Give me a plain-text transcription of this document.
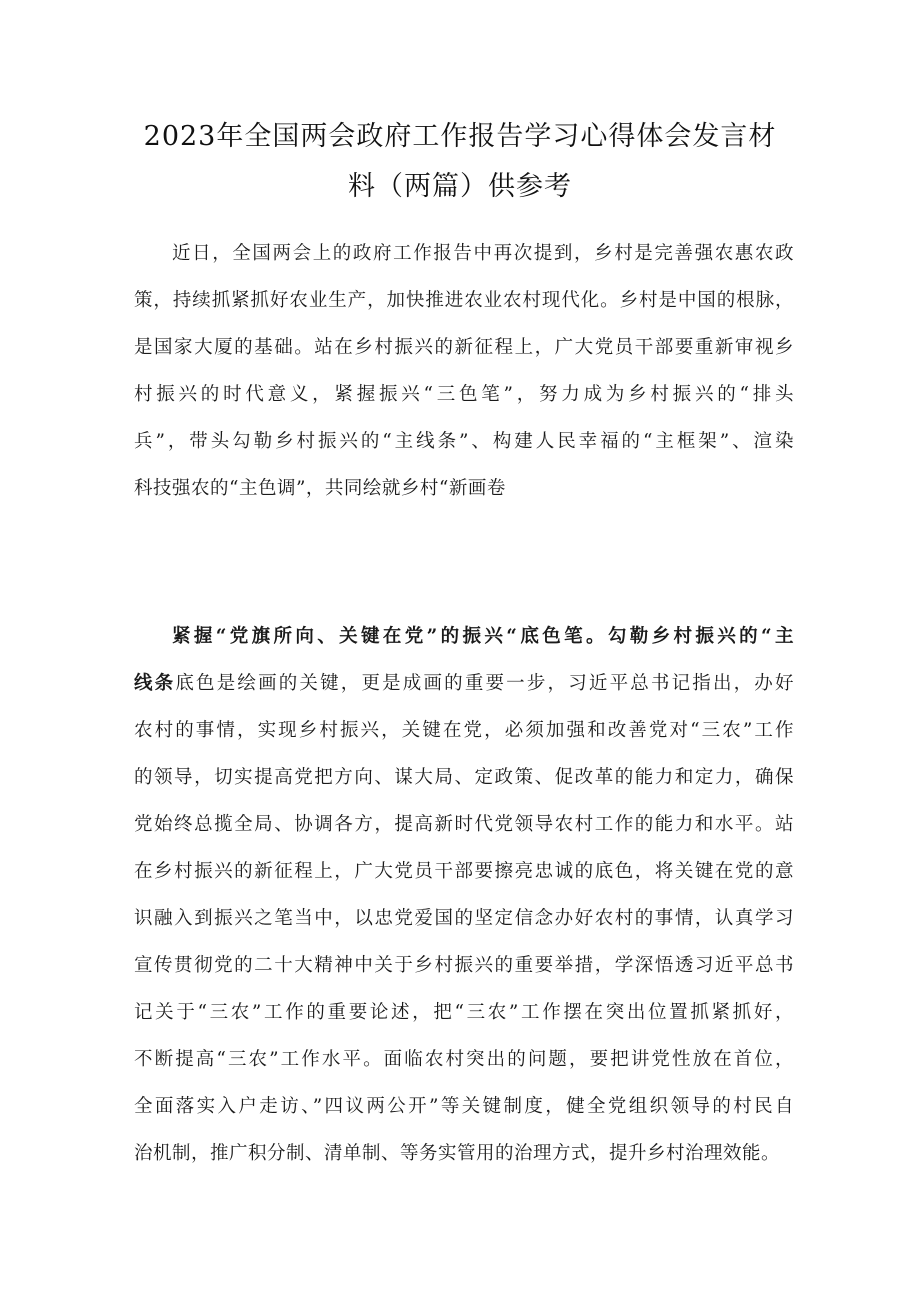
2023年全国两会政府工作报告学习心得体会发言材
料（两篇）供参考
近日，全国两会上的政府工作报告中再次提到，乡村是完善强农惠农政
策，持续抓紧抓好农业生产，加快推进农业农村现代化。乡村是中国的根脉，
是国家大厦的基础。站在乡村振兴的新征程上，广大党员干部要重新审视乡
村振兴的时代意义，紧握振兴“三色笔”，努力成为乡村振兴的“排头
兵”，带头勾勒乡村振兴的“主线条”、构建人民幸福的“主框架”、渲染
科技强农的“主色调”，共同绘就乡村“新画卷
紧握“党旗所向、关键在党”的振兴“底色笔。勾勒乡村振兴的“主
线条底色是绘画的关键，更是成画的重要一步，习近平总书记指出，办好
农村的事情，实现乡村振兴，关键在党，必须加强和改善党对“三农”工作
的领导，切实提高党把方向、谋大局、定政策、促改革的能力和定力，确保
党始终总揽全局、协调各方，提高新时代党领导农村工作的能力和水平。站
在乡村振兴的新征程上，广大党员干部要擦亮忠诚的底色，将关键在党的意
识融入到振兴之笔当中，以忠党爱国的坚定信念办好农村的事情，认真学习
宣传贯彻党的二十大精神中关于乡村振兴的重要举措，学深悟透习近平总书
记关于“三农”工作的重要论述，把“三农”工作摆在突出位置抓紧抓好，
不断提高“三农”工作水平。面临农村突出的问题，要把讲党性放在首位，
全面落实入户走访、”四议两公开”等关键制度，健全党组织领导的村民自
治机制，推广积分制、清单制、等务实管用的治理方式，提升乡村治理效能。
